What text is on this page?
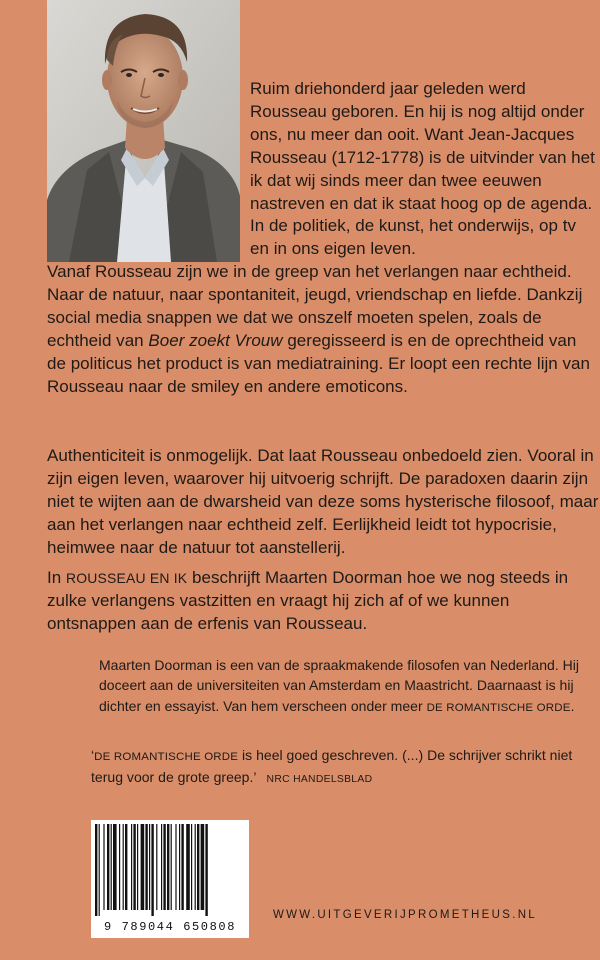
Ruim driehonderd jaar geleden werd Rousseau geboren. En hij is nog altijd onder ons, nu meer dan ooit. Want Jean-Jacques Rousseau (1712-1778) is de uitvinder van het ik dat wij sinds meer dan twee eeuwen nastreven en dat ik staat hoog op de agenda. In de politiek, de kunst, het onderwijs, op tv en in ons eigen leven.

Vanaf Rousseau zijn we in de greep van het verlangen naar echtheid. Naar de natuur, naar spontaniteit, jeugd, vriendschap en liefde. Dankzij social media snappen we dat we onszelf moeten spelen, zoals de echtheid van Boer zoekt Vrouw geregisseerd is en de oprechtheid van de politicus het product is van mediatraining. Er loopt een rechte lijn van Rousseau naar de smiley en andere emoticons.

Authenticiteit is onmogelijk. Dat laat Rousseau onbedoeld zien. Vooral in zijn eigen leven, waarover hij uitvoerig schrijft. De paradoxen daarin zijn niet te wijten aan de dwarsheid van deze soms hysterische filosoof, maar aan het verlangen naar echtheid zelf. Eerlijkheid leidt tot hypocrisie, heimwee naar de natuur tot aanstellerij.

In ROUSSEAU EN IK beschrijft Maarten Doorman hoe we nog steeds in zulke verlangens vastzitten en vraagt hij zich af of we kunnen ontsnappen aan de erfenis van Rousseau.

Maarten Doorman is een van de spraakmakende filosofen van Nederland. Hij doceert aan de universiteiten van Amsterdam en Maastricht. Daarnaast is hij dichter en essayist. Van hem verscheen onder meer DE ROMANTISCHE ORDE.

‘DE ROMANTISCHE ORDE is heel goed geschreven. (...) De schrijver schrikt niet terug voor de grote greep.’ NRC HANDELSBLAD

9 789044 650808
WWW.UITGEVERIJPROMETHEUS.NL
